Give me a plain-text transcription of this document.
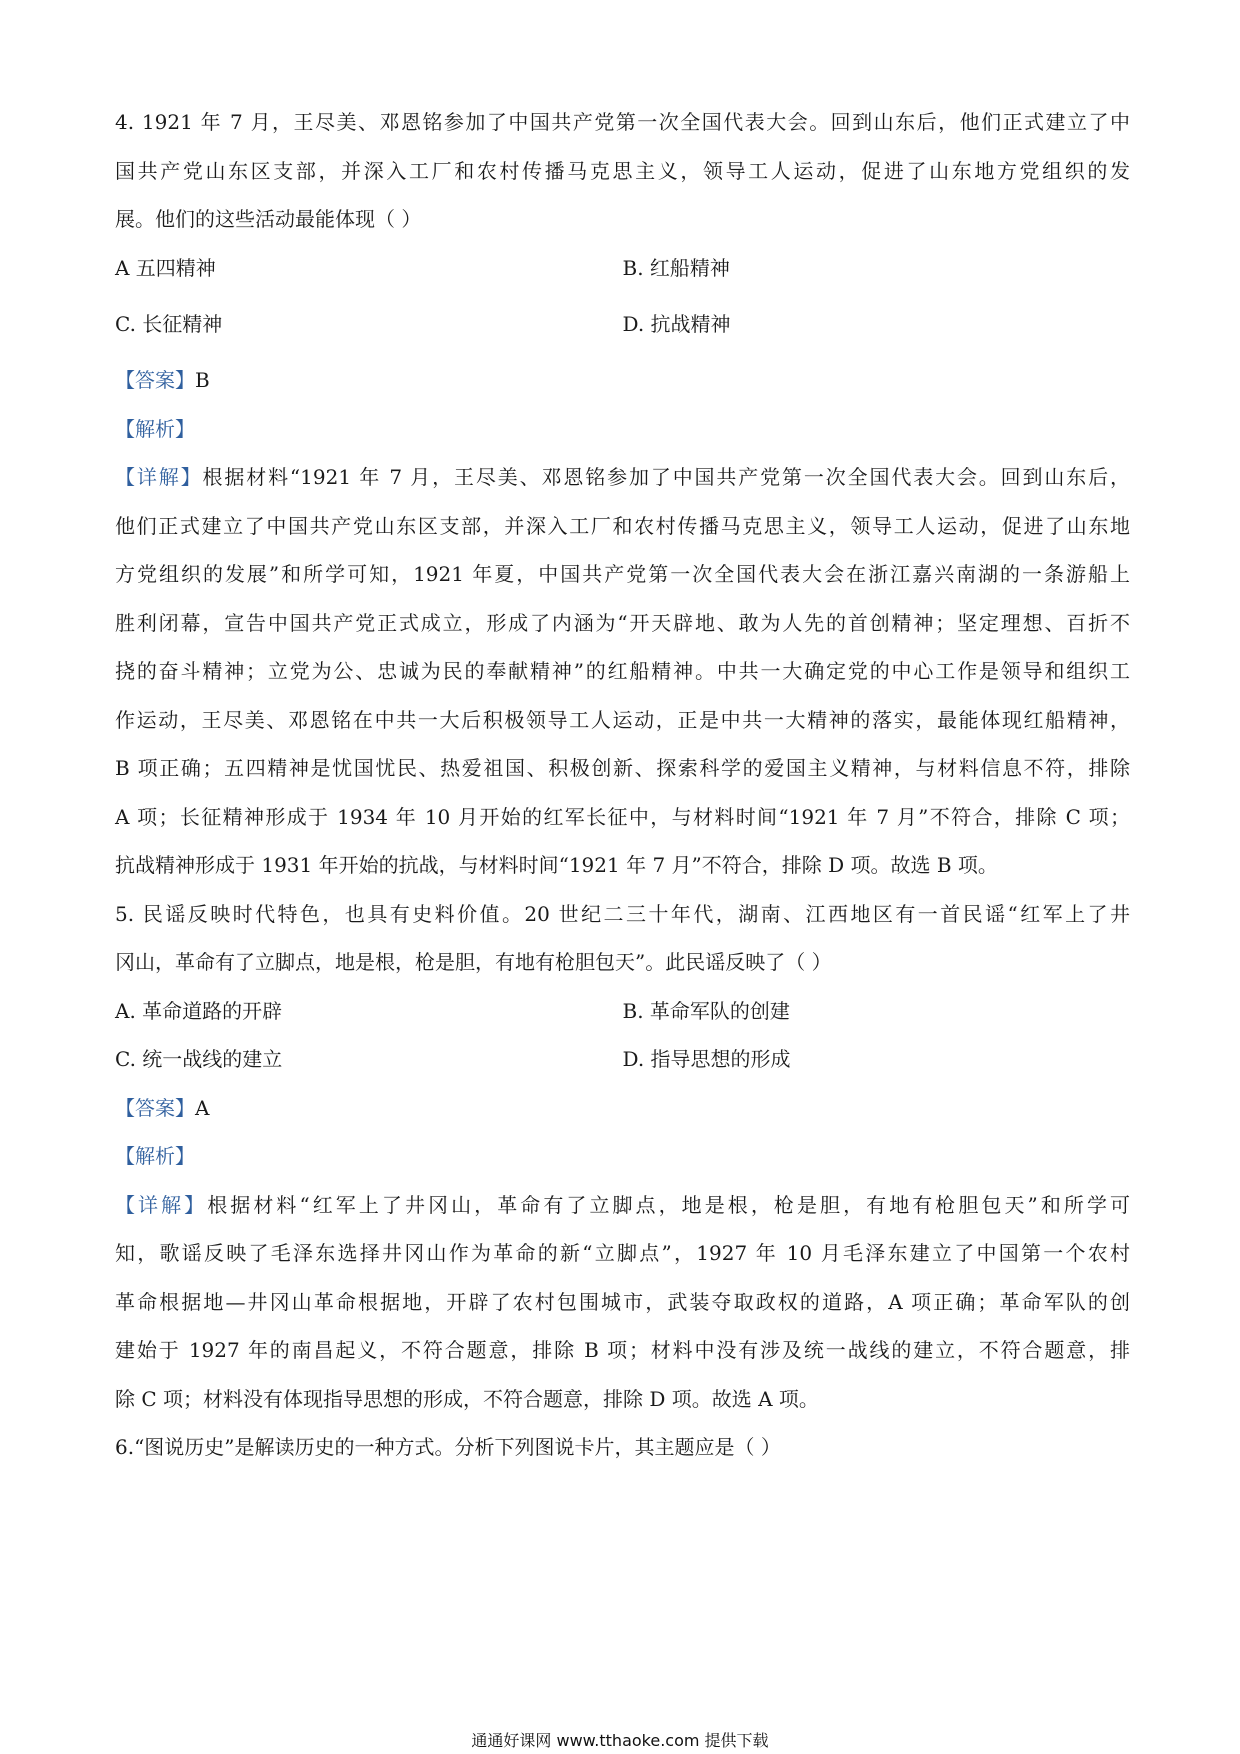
4. 1921 年 7 月，王尽美、邓恩铭参加了中国共产党第一次全国代表大会。回到山东后，他们正式建立了中
国共产党山东区支部，并深入工厂和农村传播马克思主义，领导工人运动，促进了山东地方党组织的发
展。他们的这些活动最能体现（ ）
A 五四精神	B. 红船精神
C. 长征精神	D. 抗战精神
【答案】B
【解析】
【详解】根据材料“1921 年 7 月，王尽美、邓恩铭参加了中国共产党第一次全国代表大会。回到山东后，
他们正式建立了中国共产党山东区支部，并深入工厂和农村传播马克思主义，领导工人运动，促进了山东地
方党组织的发展”和所学可知，1921 年夏，中国共产党第一次全国代表大会在浙江嘉兴南湖的一条游船上
胜利闭幕，宣告中国共产党正式成立，形成了内涵为“开天辟地、敢为人先的首创精神；坚定理想、百折不
挠的奋斗精神；立党为公、忠诚为民的奉献精神”的红船精神。中共一大确定党的中心工作是领导和组织工
作运动，王尽美、邓恩铭在中共一大后积极领导工人运动，正是中共一大精神的落实，最能体现红船精神，
B 项正确；五四精神是忧国忧民、热爱祖国、积极创新、探索科学的爱国主义精神，与材料信息不符，排除
A 项；长征精神形成于 1934 年 10 月开始的红军长征中，与材料时间“1921 年 7 月”不符合，排除 C 项；
抗战精神形成于 1931 年开始的抗战，与材料时间“1921 年 7 月”不符合，排除 D 项。故选 B 项。
5. 民谣反映时代特色，也具有史料价值。20 世纪二三十年代，湖南、江西地区有一首民谣“红军上了井
冈山，革命有了立脚点，地是根，枪是胆，有地有枪胆包天”。此民谣反映了（ ）
A. 革命道路的开辟	B. 革命军队的创建
C. 统一战线的建立	D. 指导思想的形成
【答案】A
【解析】
【详解】根据材料“红军上了井冈山，革命有了立脚点，地是根，枪是胆，有地有枪胆包天”和所学可
知，歌谣反映了毛泽东选择井冈山作为革命的新“立脚点”，1927 年 10 月毛泽东建立了中国第一个农村
革命根据地—井冈山革命根据地，开辟了农村包围城市，武装夺取政权的道路，A 项正确；革命军队的创
建始于 1927 年的南昌起义，不符合题意，排除 B 项；材料中没有涉及统一战线的建立，不符合题意，排
除 C 项；材料没有体现指导思想的形成，不符合题意，排除 D 项。故选 A 项。
6.“图说历史”是解读历史的一种方式。分析下列图说卡片，其主题应是（ ）
通通好课网 www.tthaoke.com 提供下载
